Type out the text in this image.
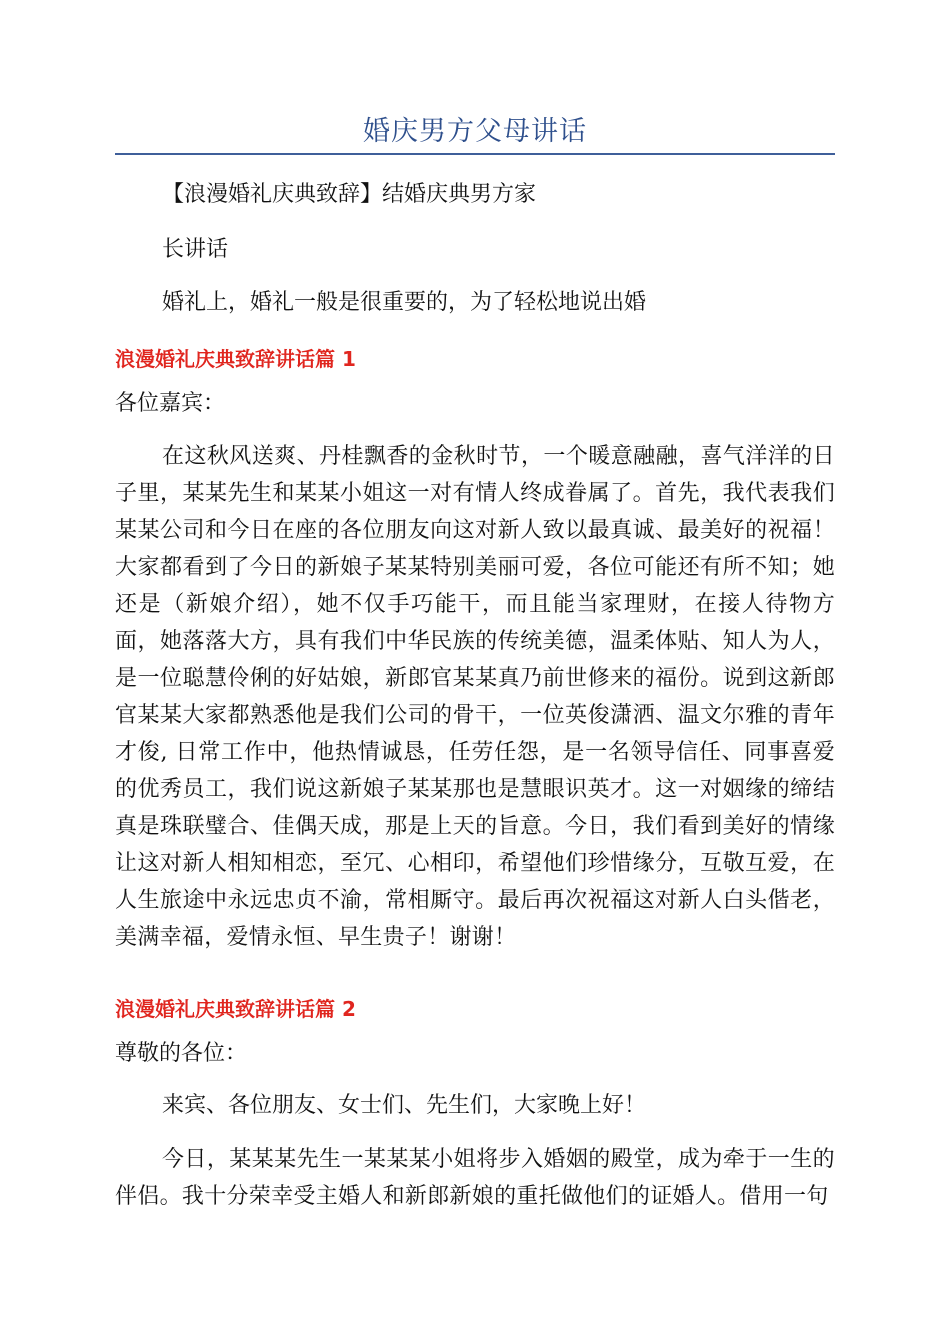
婚庆男方父母讲话
【浪漫婚礼庆典致辞】结婚庆典男方家
长讲话
婚礼上，婚礼一般是很重要的，为了轻松地说出婚
浪漫婚礼庆典致辞讲话篇 1
各位嘉宾：
在这秋风送爽、丹桂飘香的金秋时节，一个暖意融融，喜气洋洋的日子里，某某先生和某某小姐这一对有情人终成眷属了。首先，我代表我们某某公司和今日在座的各位朋友向这对新人致以最真诚、最美好的祝福！大家都看到了今日的新娘子某某特别美丽可爱，各位可能还有所不知；她还是（新娘介绍），她不仅手巧能干，而且能当家理财，在接人待物方面，她落落大方，具有我们中华民族的传统美德，温柔体贴、知人为人，是一位聪慧伶俐的好姑娘，新郎官某某真乃前世修来的福份。说到这新郎官某某大家都熟悉他是我们公司的骨干，一位英俊潇洒、温文尔雅的青年才俊, 日常工作中，他热情诚恳，任劳任怨，是一名领导信任、同事喜爱的优秀员工，我们说这新娘子某某那也是慧眼识英才。这一对姻缘的缔结真是珠联璧合、佳偶天成，那是上天的旨意。今日，我们看到美好的情缘让这对新人相知相恋，至冗、心相印，希望他们珍惜缘分，互敬互爱，在人生旅途中永远忠贞不渝，常相厮守。最后再次祝福这对新人白头偕老，美满幸福，爱情永恒、早生贵子！谢谢！
浪漫婚礼庆典致辞讲话篇 2
尊敬的各位：
来宾、各位朋友、女士们、先生们，大家晚上好！
今日，某某某先生一某某某小姐将步入婚姻的殿堂，成为牵于一生的伴侣。我十分荣幸受主婚人和新郎新娘的重托做他们的证婚人。借用一句
